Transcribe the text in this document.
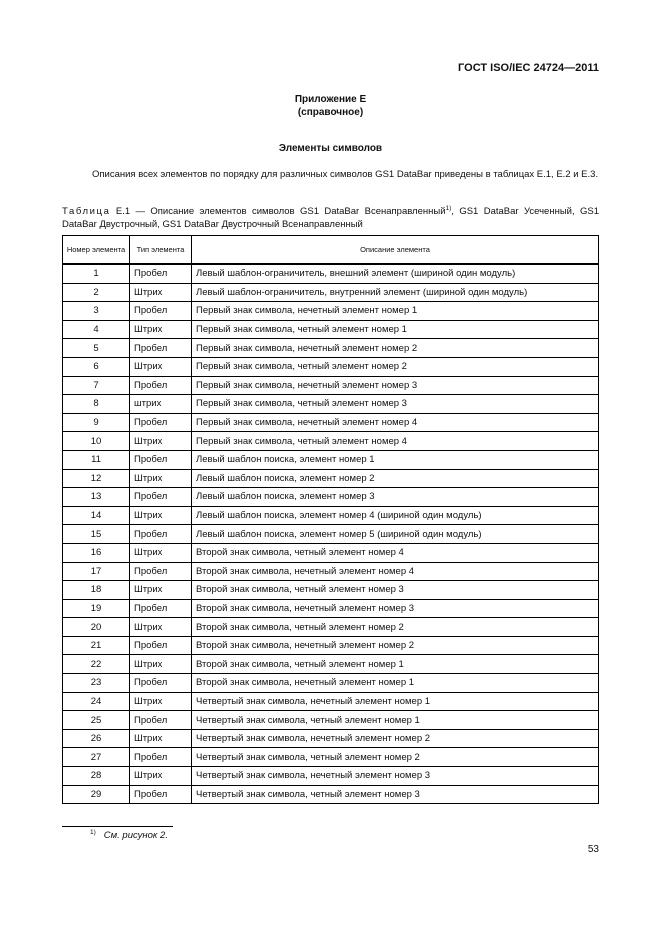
ГОСТ ISO/IEC 24724—2011
Приложение Е
(справочное)
Элементы символов
Описания всех элементов по порядку для различных символов GS1 DataBar приведены в таблицах Е.1, Е.2 и Е.3.
Таблица Е.1 — Описание элементов символов GS1 DataBar Всенаправленный$^{1)}$, GS1 DataBar Усеченный, GS1 DataBar Двустрочный, GS1 DataBar Двустрочный Всенаправленный
Номер элемента	Тип элемента	Описание элемента
1	Пробел	Левый шаблон-ограничитель, внешний элемент (шириной один модуль)
2	Штрих	Левый шаблон-ограничитель, внутренний элемент (шириной один модуль)
3	Пробел	Первый знак символа, нечетный элемент номер 1
4	Штрих	Первый знак символа, четный элемент номер 1
5	Пробел	Первый знак символа, нечетный элемент номер 2
6	Штрих	Первый знак символа, четный элемент номер 2
7	Пробел	Первый знак символа, нечетный элемент номер 3
8	штрих	Первый знак символа, четный элемент номер 3
9	Пробел	Первый знак символа, нечетный элемент номер 4
10	Штрих	Первый знак символа, четный элемент номер 4
11	Пробел	Левый шаблон поиска, элемент номер 1
12	Штрих	Левый шаблон поиска, элемент номер 2
13	Пробел	Левый шаблон поиска, элемент номер 3
14	Штрих	Левый шаблон поиска, элемент номер 4 (шириной один модуль)
15	Пробел	Левый шаблон поиска, элемент номер 5 (шириной один модуль)
16	Штрих	Второй знак символа, четный элемент номер 4
17	Пробел	Второй знак символа, нечетный элемент номер 4
18	Штрих	Второй знак символа, четный элемент номер 3
19	Пробел	Второй знак символа, нечетный элемент номер 3
20	Штрих	Второй знак символа, четный элемент номер 2
21	Пробел	Второй знак символа, нечетный элемент номер 2
22	Штрих	Второй знак символа, четный элемент номер 1
23	Пробел	Второй знак символа, нечетный элемент номер 1
24	Штрих	Четвертый знак символа, нечетный элемент номер 1
25	Пробел	Четвертый знак символа, четный элемент номер 1
26	Штрих	Четвертый знак символа, нечетный элемент номер 2
27	Пробел	Четвертый знак символа, четный элемент номер 2
28	Штрих	Четвертый знак символа, нечетный элемент номер 3
29	Пробел	Четвертый знак символа, четный элемент номер 3
$^{1)}$ См. рисунок 2.
53
